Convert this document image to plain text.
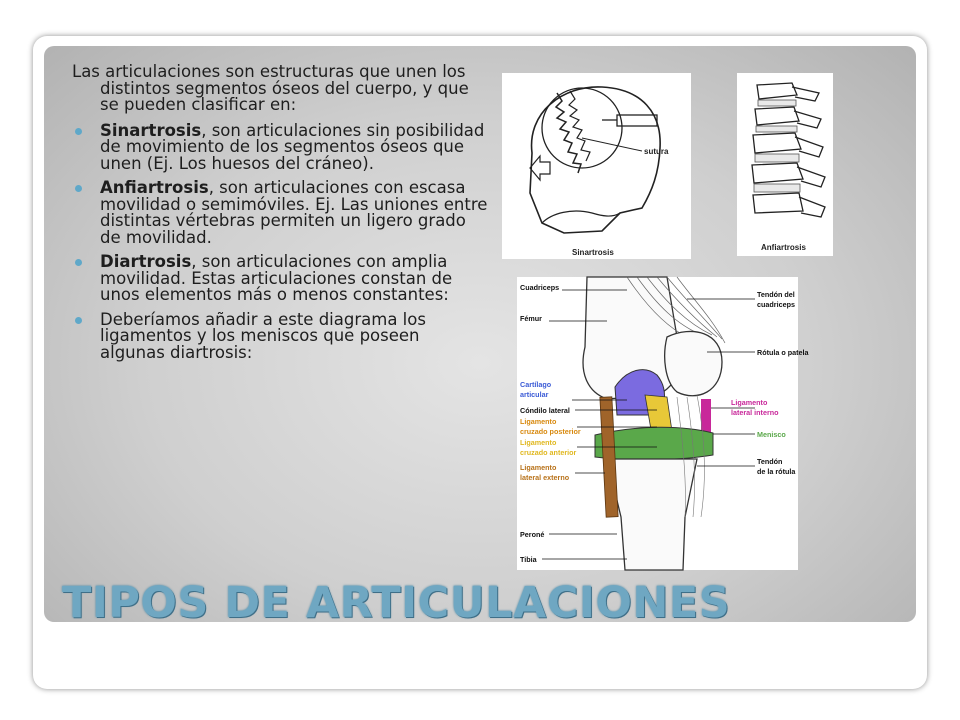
Las articulaciones son estructuras que unen los distintos segmentos óseos del cuerpo, y que se pueden clasificar en:

Sinartrosis, son articulaciones sin posibilidad de movimiento de los segmentos óseos que unen (Ej. Los huesos del cráneo).
Anfiartrosis, son articulaciones con escasa movilidad o semimóviles. Ej. Las uniones entre distintas vértebras permiten un ligero grado de movilidad.
Diartrosis, son articulaciones con amplia movilidad. Estas articulaciones constan de unos elementos más o menos constantes:
Deberíamos añadir a este diagrama los ligamentos y los meniscos que poseen algunas diartrosis:
sutura
Sinartrosis
Anfiartrosis
Cuadriceps
Fémur
Cartílago
articular
Cóndilo lateral
Ligamento
cruzado posterior
Ligamento
cruzado anterior
Ligamento
lateral externo
Peroné
Tibia
Tendón del
cuadriceps
Rótula o patela
Ligamento
lateral interno
Menisco
Tendón
de la rótula
TIPOS DE ARTICULACIONES
